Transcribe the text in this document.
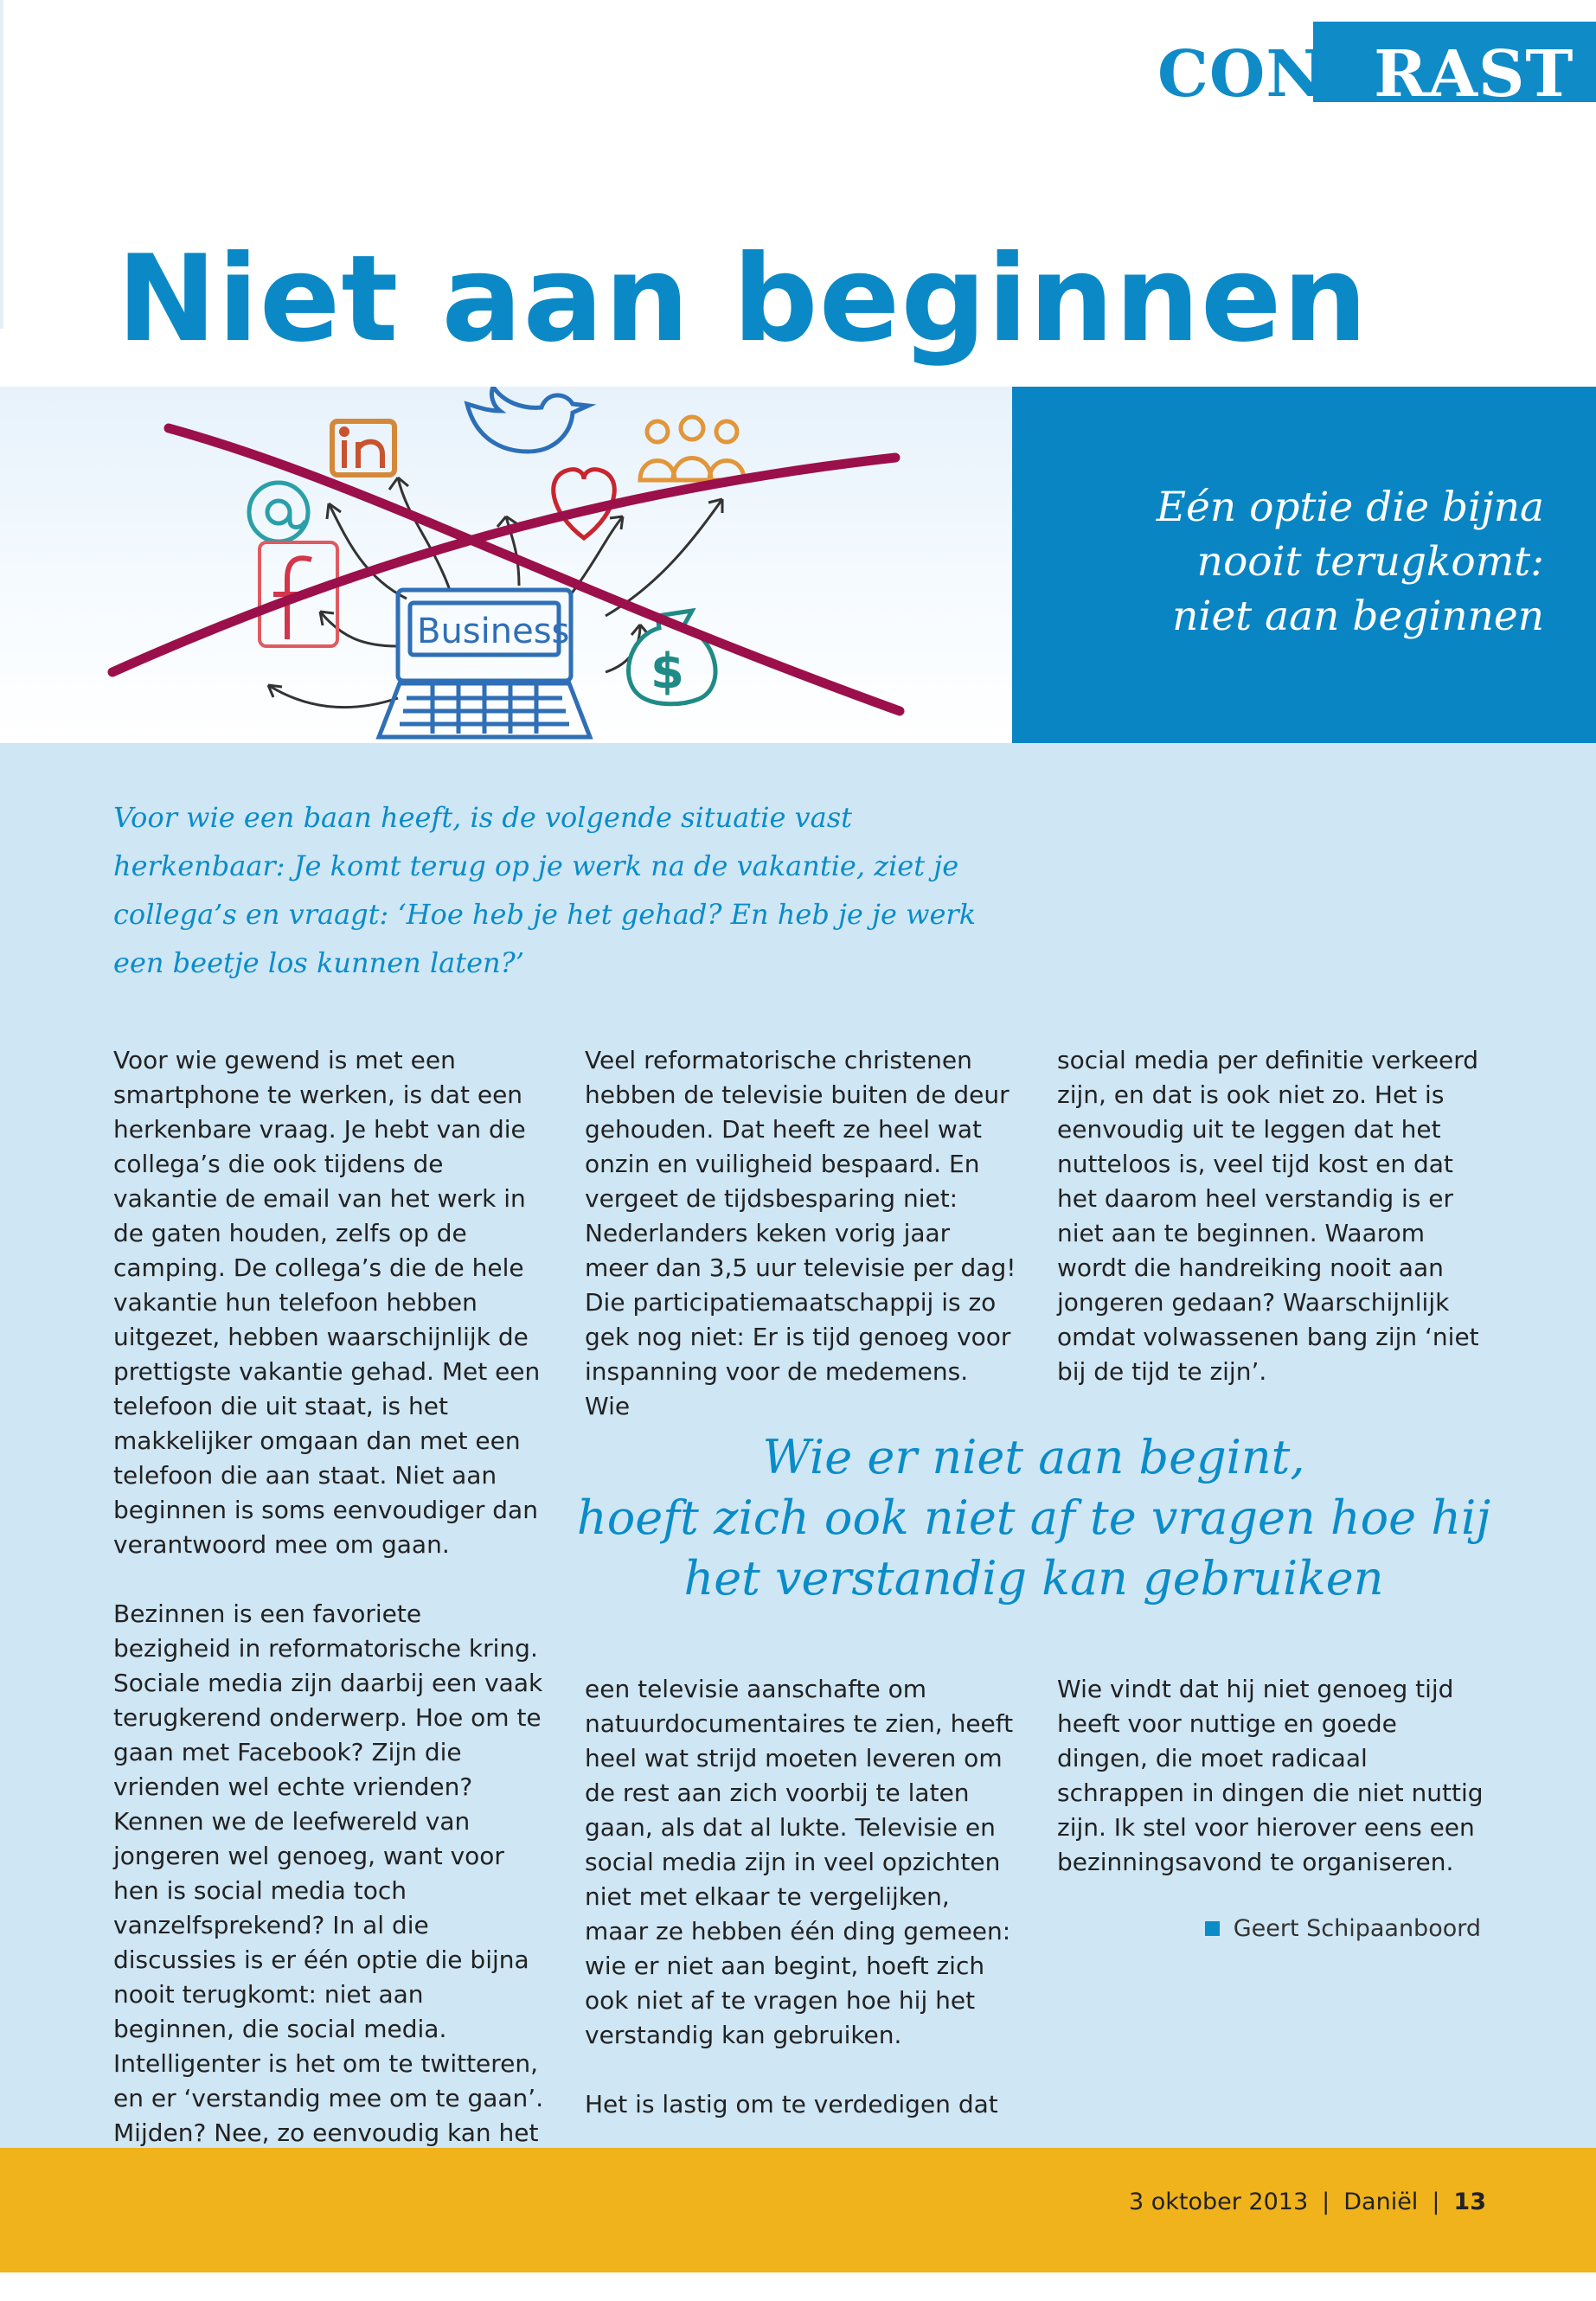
CONTRAST
Niet aan beginnen
$
Business
Eén optie die bijna
nooit terugkomt:
niet aan beginnen

Voor wie een baan heeft, is de volgende situatie vast herkenbaar: Je komt terug op je werk na de vakantie, ziet je collega’s en vraagt: ‘Hoe heb je het gehad? En heb je je werk een beetje los kunnen laten?’

Voor wie gewend is met een smartphone te werken, is dat een herkenbare vraag. Je hebt van die collega’s die ook tijdens de vakantie de email van het werk in de gaten houden, zelfs op de camping. De collega’s die de hele vakantie hun telefoon hebben uitgezet, hebben waarschijnlijk de prettigste vakantie gehad. Met een telefoon die uit staat, is het makkelijker omgaan dan met een telefoon die aan staat. Niet aan beginnen is soms eenvoudiger dan verantwoord mee om gaan.

Bezinnen is een favoriete bezigheid in reformatorische kring. Sociale media zijn daarbij een vaak terugkerend onderwerp. Hoe om te gaan met Facebook? Zijn die vrienden wel echte vrienden? Kennen we de leefwereld van jongeren wel genoeg, want voor hen is social media toch vanzelfsprekend? In al die discussies is er één optie die bijna nooit terugkomt: niet aan beginnen, die social media. Intelligenter is het om te twitteren, en er ‘verstandig mee om te gaan’. Mijden? Nee, zo eenvoudig kan het

Veel reformatorische christenen hebben de televisie buiten de deur gehouden. Dat heeft ze heel wat onzin en vuiligheid bespaard. En vergeet de tijdsbesparing niet: Nederlanders keken vorig jaar meer dan 3,5 uur televisie per dag! Die participatiemaatschappij is zo gek nog niet: Er is tijd genoeg voor inspanning voor de medemens. Wie

social media per definitie verkeerd zijn, en dat is ook niet zo. Het is eenvoudig uit te leggen dat het nutteloos is, veel tijd kost en dat het daarom heel verstandig is er niet aan te beginnen. Waarom wordt die handreiking nooit aan jongeren gedaan? Waarschijnlijk omdat volwassenen bang zijn ‘niet bij de tijd te zijn’.

Wie er niet aan begint,
hoeft zich ook niet af te vragen hoe hij
het verstandig kan gebruiken

een televisie aanschafte om natuurdocumentaires te zien, heeft heel wat strijd moeten leveren om de rest aan zich voorbij te laten gaan, als dat al lukte. Televisie en social media zijn in veel opzichten niet met elkaar te vergelijken, maar ze hebben één ding gemeen: wie er niet aan begint, hoeft zich ook niet af te vragen hoe hij het verstandig kan gebruiken.

Het is lastig om te verdedigen dat

Wie vindt dat hij niet genoeg tijd heeft voor nuttige en goede dingen, die moet radicaal schrappen in dingen die niet nuttig zijn. Ik stel voor hierover eens een bezinningsavond te organiseren.

Geert Schipaanboord
3 oktober 2013 | Daniël | 13
